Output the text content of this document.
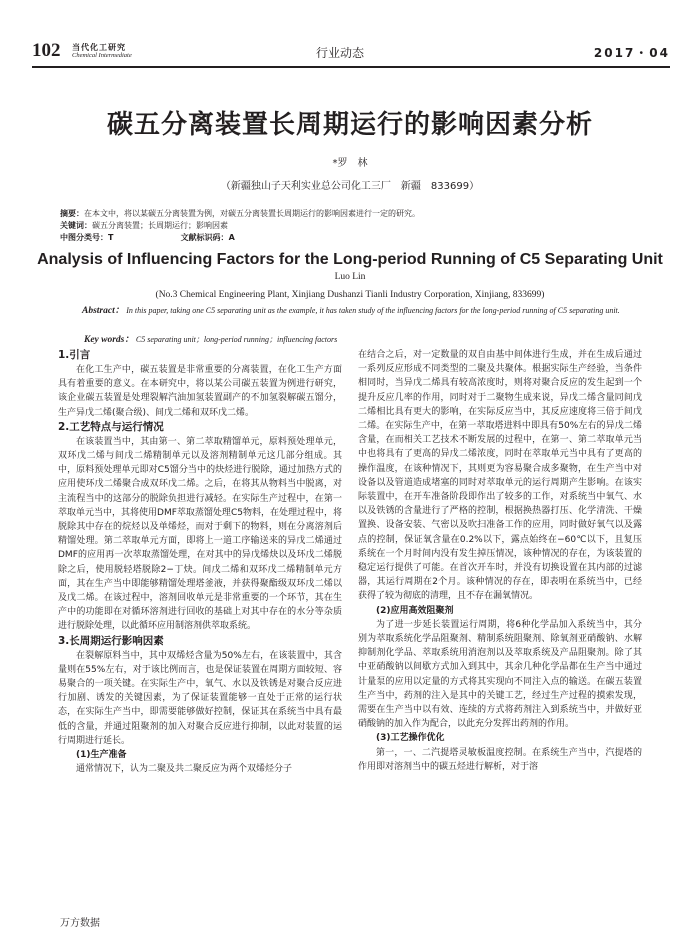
102 当代化工研究
Chemical Intermediate	行业动态	2017・04
碳五分离装置长周期运行的影响因素分析
*罗　林
（新疆独山子天利实业总公司化工三厂　新疆　833699）
摘要：在本文中，将以某碳五分离装置为例，对碳五分离装置长周期运行的影响因素进行一定的研究。
关键词：碳五分离装置；长周期运行；影响因素
中图分类号：T	文献标识码：A
Analysis of Influencing Factors for the Long-period Running of C5 Separating Unit
Luo Lin
(No.3 Chemical Engineering Plant, Xinjiang Dushanzi Tianli Industry Corporation, Xinjiang, 833699)
Abstract： In this paper, taking one C5 separating unit as the example, it has taken study of the influencing factors for the long-period running of C5 separating unit.
Key words： C5 separating unit；long-period running；influencing factors
1.引言

在化工生产中，碳五装置是非常重要的分离装置，在化工生产方面具有着重要的意义。在本研究中，将以某公司碳五装置为例进行研究，该企业碳五装置是处理裂解汽油加氢装置副产的不加氢裂解碳五馏分，生产异戊二烯(聚合级)、间戊二烯和双环戊二烯。

2.工艺特点与运行情况

在该装置当中，其由第一、第二萃取精馏单元，原料预处理单元，双环戊二烯与间戊二烯精制单元以及溶剂精制单元这几部分组成。其中，原料预处理单元即对C5馏分当中的炔烃进行脱除，通过加热方式的应用使环戊二烯聚合成双环戊二烯。之后，在将其从物料当中脱离，对主流程当中的这部分的脱除负担进行减轻。在实际生产过程中，在第一萃取单元当中，其将使用DMF萃取蒸馏处理C5物料，在处理过程中，将脱除其中存在的烷烃以及单烯烃，而对于剩下的物料，则在分离溶剂后精馏处理。第二萃取单元方面，即将上一道工序输送来的异戊二烯通过DMF的应用再一次萃取蒸馏处理，在对其中的异戊烯炔以及环戊二烯脱除之后，使用脱轻塔脱除2−丁炔。间戊二烯和双环戊二烯精制单元方面，其在生产当中即能够精馏处理塔釜液，并获得聚酯级双环戊二烯以及戊二烯。在该过程中，溶剂回收单元是非常重要的一个环节，其在生产中的功能即在对循环溶剂进行回收的基础上对其中存在的水分等杂质进行脱除处理，以此循环应用制溶剂供萃取系统。

3.长周期运行影响因素

在裂解原料当中，其中双烯烃含量为50%左右，在该装置中，其含量则在55%左右，对于该比例而言，也是保证装置在周期方面较短、容易聚合的一项关键。在实际生产中，氧气、水以及铁锈是对聚合反应进行加剧、诱发的关键因素，为了保证装置能够一直处于正常的运行状态，在实际生产当中，即需要能够做好控制，保证其在系统当中具有最低的含量，并通过阻聚剂的加入对聚合反应进行抑制，以此对装置的运行周期进行延长。

(1)生产准备

通常情况下，认为二聚及共二聚反应为两个双烯烃分子

在结合之后，对一定数量的双自由基中间体进行生成，并在生成后通过一系列反应形成不同类型的二聚及共聚体。根据实际生产经验，当条件相同时，当异戊二烯具有较高浓度时，则将对聚合反应的发生起到一个提升反应几率的作用，同时对于二聚物生成来说，异戊二烯含量同间戊二烯相比具有更大的影响，在实际反应当中，其反应速度将三倍于间戊二烯。在实际生产中，在第一萃取塔进料中即具有50%左右的异戊二烯含量，在而相关工艺技术不断发展的过程中，在第一、第二萃取单元当中也将具有了更高的异戊二烯浓度，同时在萃取单元当中具有了更高的操作温度，在该种情况下，其则更为容易聚合成多聚物，在生产当中对设备以及管道造成堵塞的同时对萃取单元的运行周期产生影响。在该实际装置中，在开车准备阶段即作出了较多的工作，对系统当中氧气、水以及铁锈的含量进行了严格的控制，根据换热器打压、化学清洗、干燥置换、设备安装、气密以及吹扫准备工作的应用，同时做好氧气以及露点的控制，保证氧含量在0.2%以下，露点始终在−60℃以下，且复压系统在一个月时间内没有发生掉压情况，该种情况的存在，为该装置的稳定运行提供了可能。在首次开车时，并没有切换设置在其内部的过滤器，其运行周期在2个月。该种情况的存在，即表明在系统当中，已经获得了较为彻底的清理，且不存在漏氧情况。

(2)应用高效阻聚剂

为了进一步延长装置运行周期，将6种化学品加入系统当中，其分别为萃取系统化学品阻聚剂、精制系统阻聚剂、除氧剂亚硝酸钠、水解抑制剂化学品、萃取系统用消泡剂以及萃取系统及产品阻聚剂。除了其中亚硝酸钠以间歇方式加入到其中，其余几种化学品都在生产当中通过计量泵的应用以定量的方式将其实现向不同注入点的输送。在碳五装置生产当中，药剂的注入是其中的关键工艺，经过生产过程的摸索发现，需要在生产当中以有效、连续的方式将药剂注入到系统当中，并做好亚硝酸钠的加入作为配合，以此充分发挥出药剂的作用。

(3)工艺操作优化

第一，一、二汽提塔灵敏板温度控制。在系统生产当中，汽提塔的作用即对溶剂当中的碳五烃进行解析，对于溶

万方数据
